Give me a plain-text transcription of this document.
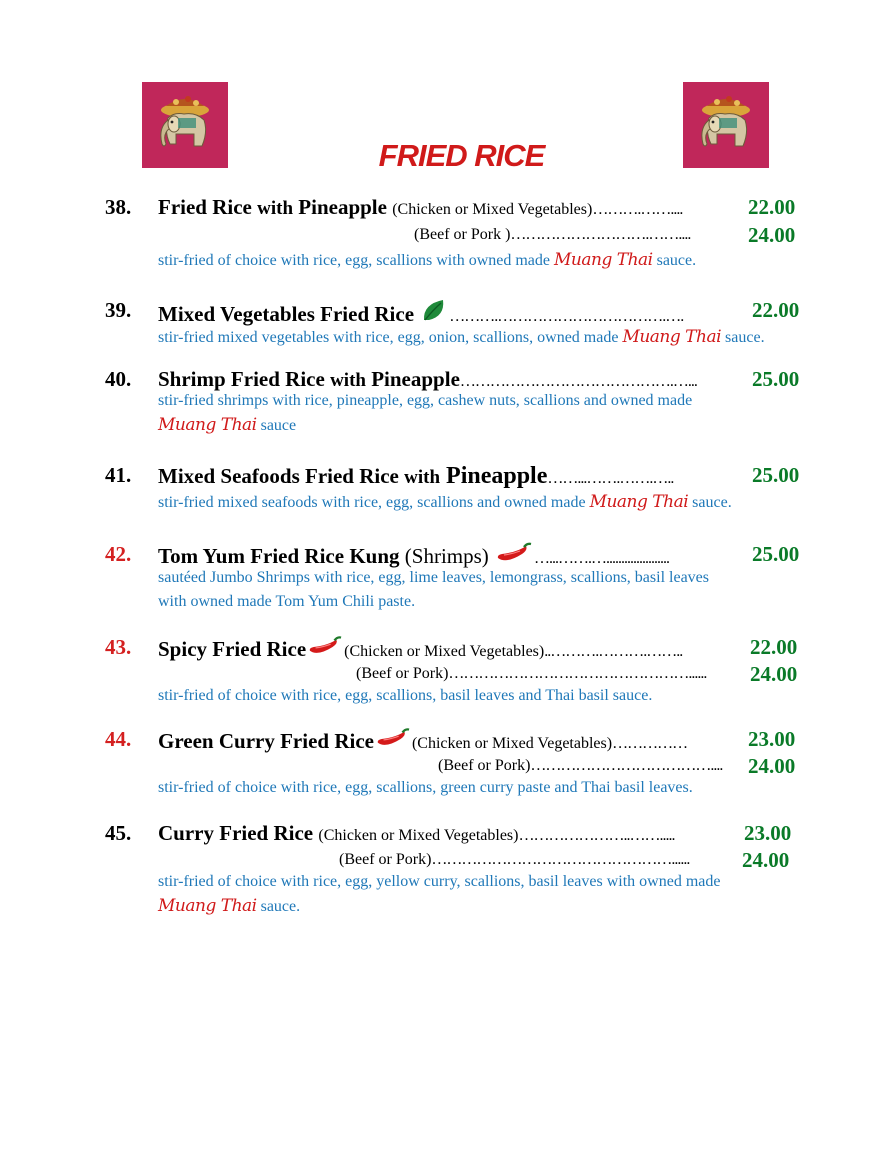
FRIED RICE
38. Fried Rice with Pineapple (Chicken or Mixed Vegetables)……….……....	22.00
(Beef or Pork )……………………….……....	24.00
stir-fried of choice with rice, egg, scallions with owned made Muang Thai sauce.
39. Mixed Vegetables Fried Rice ……….…………………………….….	22.00
stir-fried mixed vegetables with rice, egg, onion, scallions, owned made Muang Thai sauce.
40. Shrimp Fried Rice with Pineapple…………………………………….…...	25.00
stir-fried shrimps with rice, pineapple, egg, cashew nuts, scallions and owned made
Muang Thai sauce
41. Mixed Seafoods Fried Rice with Pineapple……...…….…….…..	25.00
stir-fried mixed seafoods with rice, egg, scallions and owned made Muang Thai sauce.
42. Tom Yum Fried Rice Kung (Shrimps)	…...…….….....................	25.00
sautéed Jumbo Shrimps with rice, egg, lime leaves, lemongrass, scallions, basil leaves
with owned made Tom Yum Chili paste.
43. Spicy Fried Rice (Chicken or Mixed Vegetables)..……….……….……..	22.00
(Beef or Pork)…………………………………………...... 24.00
stir-fried of choice with rice, egg, scallions, basil leaves and Thai basil sauce.
44. Green Curry Fried Rice (Chicken or Mixed Vegetables)……………	23.00
(Beef or Pork)……………………………….... 24.00
stir-fried of choice with rice, egg, scallions, green curry paste and Thai basil leaves.
45. Curry Fried Rice (Chicken or Mixed Vegetables)…………………..…….....	23.00
(Beef or Pork)…………………………………………......	24.00
stir-fried of choice with rice, egg, yellow curry, scallions, basil leaves with owned made
Muang Thai sauce.
